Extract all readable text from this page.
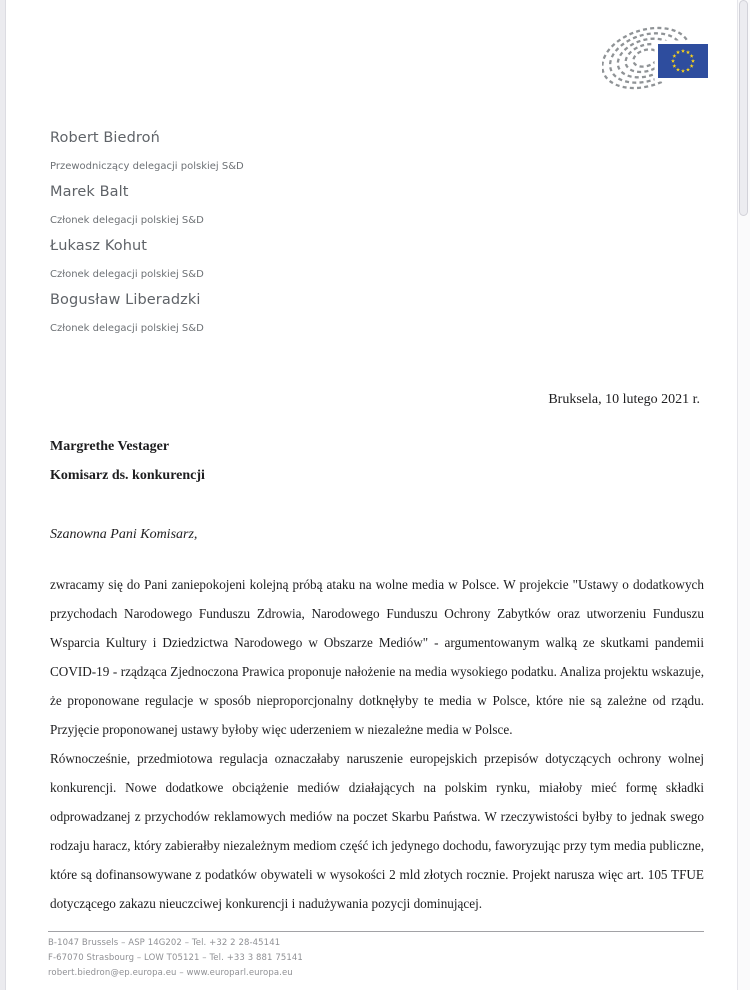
Robert Biedroń

Przewodniczący delegacji polskiej S&D

Marek Balt

Członek delegacji polskiej S&D

Łukasz Kohut

Członek delegacji polskiej S&D

Bogusław Liberadzki

Członek delegacji polskiej S&D

Bruksela, 10 lutego 2021 r.
Margrethe Vestager
Komisarz ds. konkurencji
Szanowna Pani Komisarz,
zwracamy się do Pani zaniepokojeni kolejną próbą ataku na wolne media w Polsce. W projekcie "Ustawy o dodatkowych przychodach Narodowego Funduszu Zdrowia, Narodowego Funduszu Ochrony Zabytków oraz utworzeniu Funduszu Wsparcia Kultury i Dziedzictwa Narodowego w Obszarze Mediów" - argumentowanym walką ze skutkami pandemii COVID-19 - rządząca Zjednoczona Prawica proponuje nałożenie na media wysokiego podatku. Analiza projektu wskazuje, że proponowane regulacje w sposób nieproporcjonalny dotknęłyby te media w Polsce, które nie są zależne od rządu. Przyjęcie proponowanej ustawy byłoby więc uderzeniem w niezależne media w Polsce.
Równocześnie, przedmiotowa regulacja oznaczałaby naruszenie europejskich przepisów dotyczących ochrony wolnej konkurencji. Nowe dodatkowe obciążenie mediów działających na polskim rynku, miałoby mieć formę składki odprowadzanej z przychodów reklamowych mediów na poczet Skarbu Państwa. W rzeczywistości byłby to jednak swego rodzaju haracz, który zabierałby niezależnym mediom część ich jedynego dochodu, faworyzując przy tym media publiczne, które są dofinansowywane z podatków obywateli w wysokości 2 mld złotych rocznie. Projekt narusza więc art. 105 TFUE dotyczącego zakazu nieuczciwej konkurencji i nadużywania pozycji dominującej.

B-1047 Brussels – ASP 14G202 – Tel. +32 2 28-45141

F-67070 Strasbourg – LOW T05121 – Tel. +33 3 881 75141

robert.biedron@ep.europa.eu – www.europarl.europa.eu
